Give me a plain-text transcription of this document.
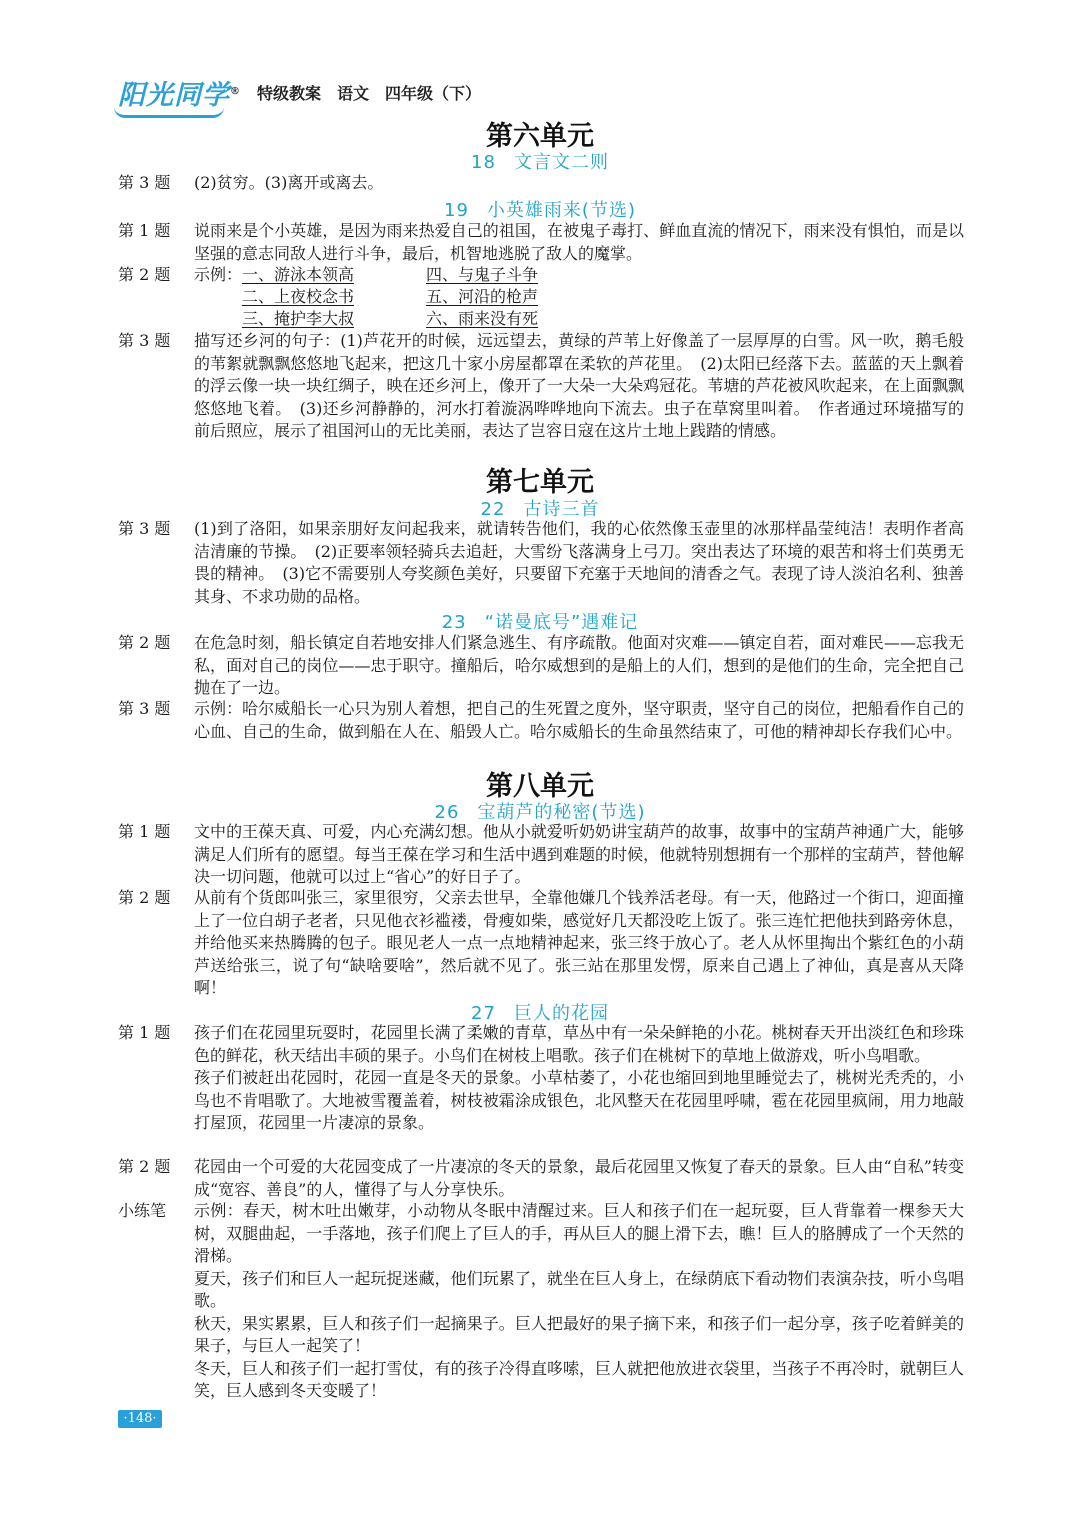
阳光同学® 特级教案 语文 四年级（下）
第六单元
18 文言文二则
第 3 题 (2)贫穷。(3)离开或离去。
19 小英雄雨来(节选)
第 1 题 说雨来是个小英雄，是因为雨来热爱自己的祖国，在被鬼子毒打、鲜血直流的情况下，雨来没有惧怕，而是以坚强的意志同敌人进行斗争，最后，机智地逃脱了敌人的魔掌。
第 2 题 示例： 一、游泳本领高
二、上夜校念书
三、掩护李大叔
四、与鬼子斗争
五、河沿的枪声
六、雨来没有死
第 3 题 描写还乡河的句子：(1)芦花开的时候，远远望去，黄绿的芦苇上好像盖了一层厚厚的白雪。风一吹，鹅毛般的苇絮就飘飘悠悠地飞起来，把这几十家小房屋都罩在柔软的芦花里。　(2)太阳已经落下去。蓝蓝的天上飘着的浮云像一块一块红绸子，映在还乡河上，像开了一大朵一大朵鸡冠花。苇塘的芦花被风吹起来，在上面飘飘悠悠地飞着。　(3)还乡河静静的，河水打着漩涡哗哗地向下流去。虫子在草窝里叫着。　作者通过环境描写的前后照应，展示了祖国河山的无比美丽，表达了岂容日寇在这片土地上践踏的情感。
第七单元
22 古诗三首
第 3 题 (1)到了洛阳，如果亲朋好友问起我来，就请转告他们，我的心依然像玉壶里的冰那样晶莹纯洁！表明作者高洁清廉的节操。　(2)正要率领轻骑兵去追赶，大雪纷飞落满身上弓刀。突出表达了环境的艰苦和将士们英勇无畏的精神。　(3)它不需要别人夸奖颜色美好，只要留下充塞于天地间的清香之气。表现了诗人淡泊名利、独善其身、不求功勋的品格。
23 “诺曼底号”遇难记
第 2 题 在危急时刻，船长镇定自若地安排人们紧急逃生、有序疏散。他面对灾难——镇定自若，面对难民——忘我无私，面对自己的岗位——忠于职守。撞船后，哈尔威想到的是船上的人们，想到的是他们的生命，完全把自己抛在了一边。
第 3 题 示例：哈尔威船长一心只为别人着想，把自己的生死置之度外，坚守职责，坚守自己的岗位，把船看作自己的心血、自己的生命，做到船在人在、船毁人亡。哈尔威船长的生命虽然结束了，可他的精神却长存我们心中。
第八单元
26 宝葫芦的秘密(节选)
第 1 题 文中的王葆天真、可爱，内心充满幻想。他从小就爱听奶奶讲宝葫芦的故事，故事中的宝葫芦神通广大，能够满足人们所有的愿望。每当王葆在学习和生活中遇到难题的时候，他就特别想拥有一个那样的宝葫芦，替他解决一切问题，他就可以过上“省心”的好日子了。
第 2 题 从前有个货郎叫张三，家里很穷，父亲去世早，全靠他嫌几个钱养活老母。有一天，他路过一个街口，迎面撞上了一位白胡子老者，只见他衣衫褴褛，骨瘦如柴，感觉好几天都没吃上饭了。张三连忙把他扶到路旁休息，并给他买来热腾腾的包子。眼见老人一点一点地精神起来，张三终于放心了。老人从怀里掏出个紫红色的小葫芦送给张三，说了句“缺啥要啥”，然后就不见了。张三站在那里发愣，原来自己遇上了神仙，真是喜从天降啊！
27 巨人的花园
第 1 题 孩子们在花园里玩耍时，花园里长满了柔嫩的青草，草丛中有一朵朵鲜艳的小花。桃树春天开出淡红色和珍珠色的鲜花，秋天结出丰硕的果子。小鸟们在树枝上唱歌。孩子们在桃树下的草地上做游戏，听小鸟唱歌。

孩子们被赶出花园时，花园一直是冬天的景象。小草枯萎了，小花也缩回到地里睡觉去了，桃树光秃秃的，小鸟也不肯唱歌了。大地被雪覆盖着，树枝被霜涂成银色，北风整天在花园里呼啸，雹在花园里疯闹，用力地敲打屋顶，花园里一片凄凉的景象。

第 2 题 花园由一个可爱的大花园变成了一片凄凉的冬天的景象，最后花园里又恢复了春天的景象。巨人由“自私”转变成“宽容、善良”的人，懂得了与人分享快乐。
小练笔 示例：春天，树木吐出嫩芽，小动物从冬眠中清醒过来。巨人和孩子们在一起玩耍，巨人背靠着一棵参天大树，双腿曲起，一手落地，孩子们爬上了巨人的手，再从巨人的腿上滑下去，瞧！巨人的胳膊成了一个天然的滑梯。

夏天，孩子们和巨人一起玩捉迷藏，他们玩累了，就坐在巨人身上，在绿荫底下看动物们表演杂技，听小鸟唱歌。

秋天，果实累累，巨人和孩子们一起摘果子。巨人把最好的果子摘下来，和孩子们一起分享，孩子吃着鲜美的果子，与巨人一起笑了！

冬天，巨人和孩子们一起打雪仗，有的孩子冷得直哆嗦，巨人就把他放进衣袋里，当孩子不再冷时，就朝巨人笑，巨人感到冬天变暖了！

·148·
